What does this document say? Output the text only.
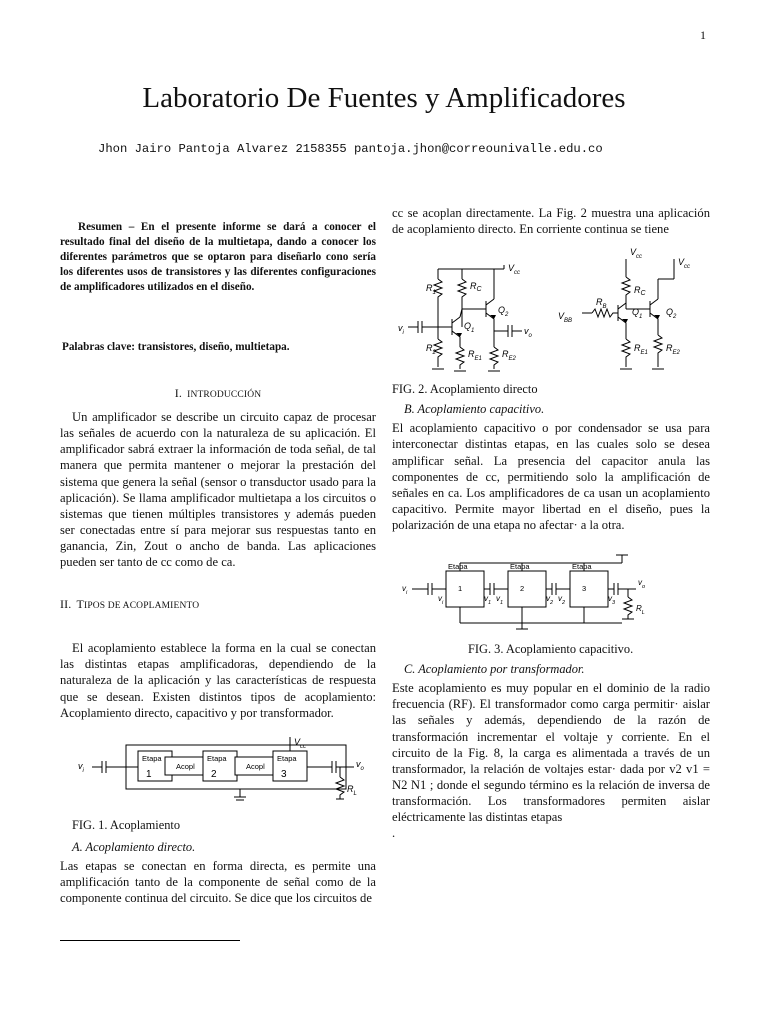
1
Laboratorio De Fuentes y Amplificadores
Jhon Jairo Pantoja Alvarez 2158355 pantoja.jhon@correounivalle.edu.co

Resumen – En el presente informe se dará a conocer el resultado final del diseño de la multietapa, dando a conocer los diferentes parámetros que se optaron para diseñarlo cono sería los diferentes usos de transistores y las diferentes configuraciones de amplificadores utilizados en el diseño.

Palabras clave: transistores, diseño, multietapa.

I. INTRODUCCIÓN

Un amplificador se describe un circuito capaz de procesar las señales de acuerdo con la naturaleza de su aplicación. El amplificador sabrá extraer la información de toda señal, de tal manera que permita mantener o mejorar la prestación del sistema que genera la señal (sensor o transductor usado para la aplicación). Se llama amplificador multietapa a los circuitos o sistemas que tienen múltiples transistores y además pueden ser conectadas entre sí para mejorar sus respuestas tanto en ganancia, Zin, Zout o ancho de banda. Las aplicaciones pueden ser tanto de cc como de ca.

II. TIPOS DE ACOPLAMIENTO

El acoplamiento establece la forma en la cual se conectan las distintas etapas amplificadoras, dependiendo de la naturaleza de la aplicación y las características de respuesta que se desean. Existen distintos tipos de acoplamiento: Acoplamiento directo, capacitivo y por transformador.

Etapa	Etapa	Etapa
Acopl	Acopl
1	2	3
$v_i$
$v_o$
$V_{cc}$
$R_L$
FIG. 1. Acoplamiento
A. Acoplamiento directo.

Las etapas se conectan en forma directa, es permite una amplificación tanto de la componente de señal como de la componente continua del circuito. Se dice que los circuitos de

cc se acoplan directamente. La Fig. 2 muestra una aplicación de acoplamiento directo. En corriente continua se tiene

$V_{cc}$
$R_1$
$R_C$
$R_2$	$R_{E1}$ $R_{E2}$
$Q_1$
$Q_2$
$v_i$	$v_o$
$V_{cc}$	$V_{cc}$
$R_C$
$R_B$
$V_{BB}$
$Q_1$	$Q_2$
$R_{E1}$ $R_{E2}$
FIG. 2. Acoplamiento directo
B. Acoplamiento capacitivo.

El acoplamiento capacitivo o por condensador se usa para interconectar distintas etapas, en las cuales solo se desea amplificar señal. La presencia del capacitor anula las componentes de cc, permitiendo solo la amplificación de señales en ca. Los amplificadores de ca usan un acoplamiento capacitivo. Permite mayor libertad en el diseño, pues la polarización de una etapa no afectar· a la otra.

Etapa	Etapa	Etapa
1	2	3
$v_i$
$v_i$	$v_1$ $v_1$	$v_2$ $v_2$	$v_3$
$v_o$
$R_L$
FIG. 3. Acoplamiento capacitivo.
C. Acoplamiento por transformador.

Este acoplamiento es muy popular en el dominio de la radio frecuencia (RF). El transformador como carga permitir· aislar las señales y además, dependiendo de la razón de transformación incrementar el voltaje y corriente. En el circuito de la Fig. 8, la carga es alimentada a través de un transformador, la relación de voltajes estar· dada por v2 v1 = N2 N1 ; donde el segundo término es la relación de inversa de transformación. Los transformadores permiten aislar eléctricamente las distintas etapas

.
